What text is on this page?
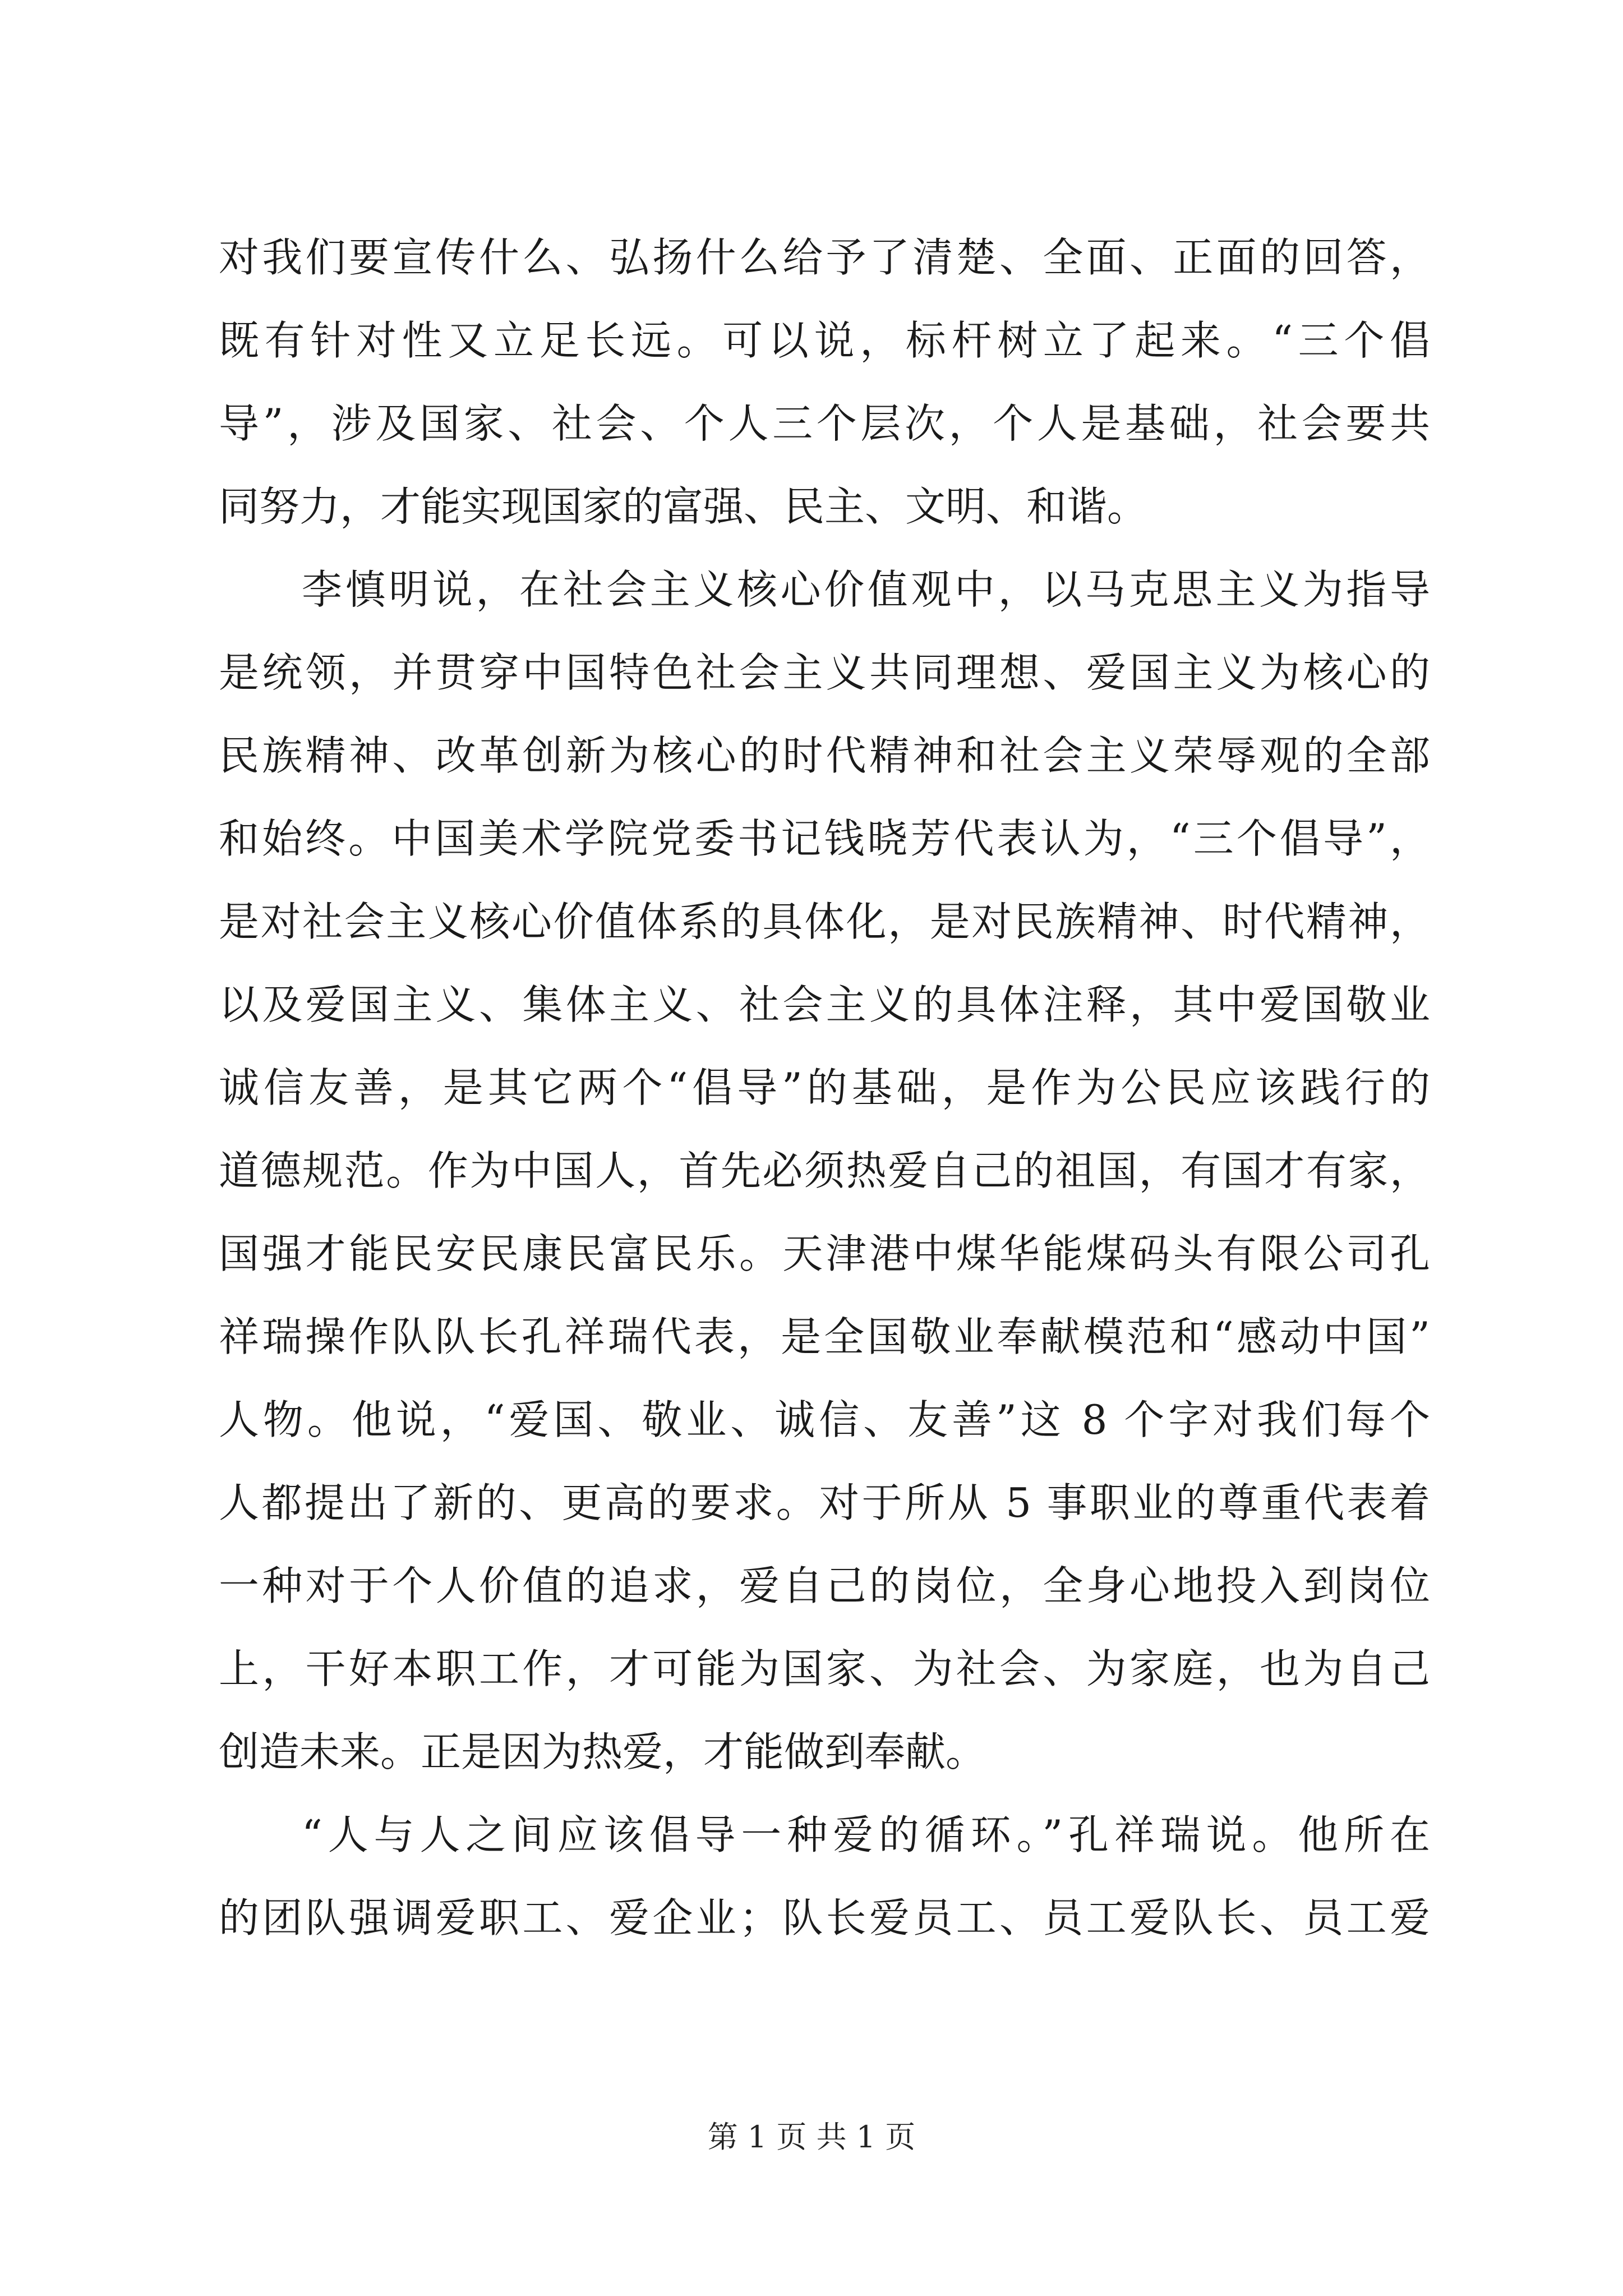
对我们要宣传什么、弘扬什么给予了清楚、全面、正面的回答，
既有针对性又立足长远。可以说，标杆树立了起来。“三个倡
导”，涉及国家、社会、个人三个层次，个人是基础，社会要共
同努力，才能实现国家的富强、民主、文明、和谐。
李慎明说，在社会主义核心价值观中，以马克思主义为指导
是统领，并贯穿中国特色社会主义共同理想、爱国主义为核心的
民族精神、改革创新为核心的时代精神和社会主义荣辱观的全部
和始终。中国美术学院党委书记钱晓芳代表认为，“三个倡导”，
是对社会主义核心价值体系的具体化，是对民族精神、时代精神，
以及爱国主义、集体主义、社会主义的具体注释，其中爱国敬业
诚信友善，是其它两个“倡导”的基础，是作为公民应该践行的
道德规范。作为中国人，首先必须热爱自己的祖国，有国才有家，
国强才能民安民康民富民乐。天津港中煤华能煤码头有限公司孔
祥瑞操作队队长孔祥瑞代表，是全国敬业奉献模范和“感动中国”
人物。他说，“爱国、敬业、诚信、友善”这 8 个字对我们每个
人都提出了新的、更高的要求。对于所从 5 事职业的尊重代表着
一种对于个人价值的追求，爱自己的岗位，全身心地投入到岗位
上，干好本职工作，才可能为国家、为社会、为家庭，也为自己
创造未来。正是因为热爱，才能做到奉献。
“人与人之间应该倡导一种爱的循环。”孔祥瑞说。他所在
的团队强调爱职工、爱企业；队长爱员工、员工爱队长、员工爱
第 1 页 共 1 页
